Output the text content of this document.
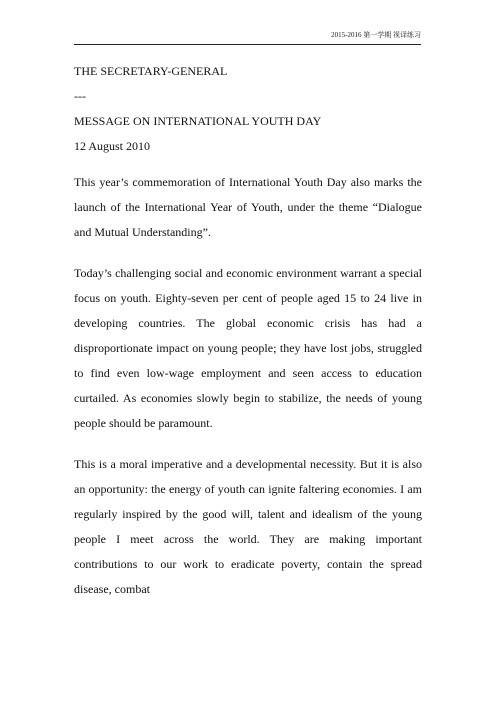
2015-2016 第一学期 视译练习

THE SECRETARY-GENERAL

---

MESSAGE ON INTERNATIONAL YOUTH DAY

12 August 2010

This year’s commemoration of International Youth Day also marks the launch of the International Year of Youth, under the theme “Dialogue and Mutual Understanding”.

Today’s challenging social and economic environment warrant a special focus on youth. Eighty-seven per cent of people aged 15 to 24 live in developing countries. The global economic crisis has had a disproportionate impact on young people; they have lost jobs, struggled to find even low-wage employment and seen access to education curtailed. As economies slowly begin to stabilize, the needs of young people should be paramount.

This is a moral imperative and a developmental necessity. But it is also an opportunity: the energy of youth can ignite faltering economies. I am regularly inspired by the good will, talent and idealism of the young people I meet across the world. They are making important contributions to our work to eradicate poverty, contain the spread disease, combat
